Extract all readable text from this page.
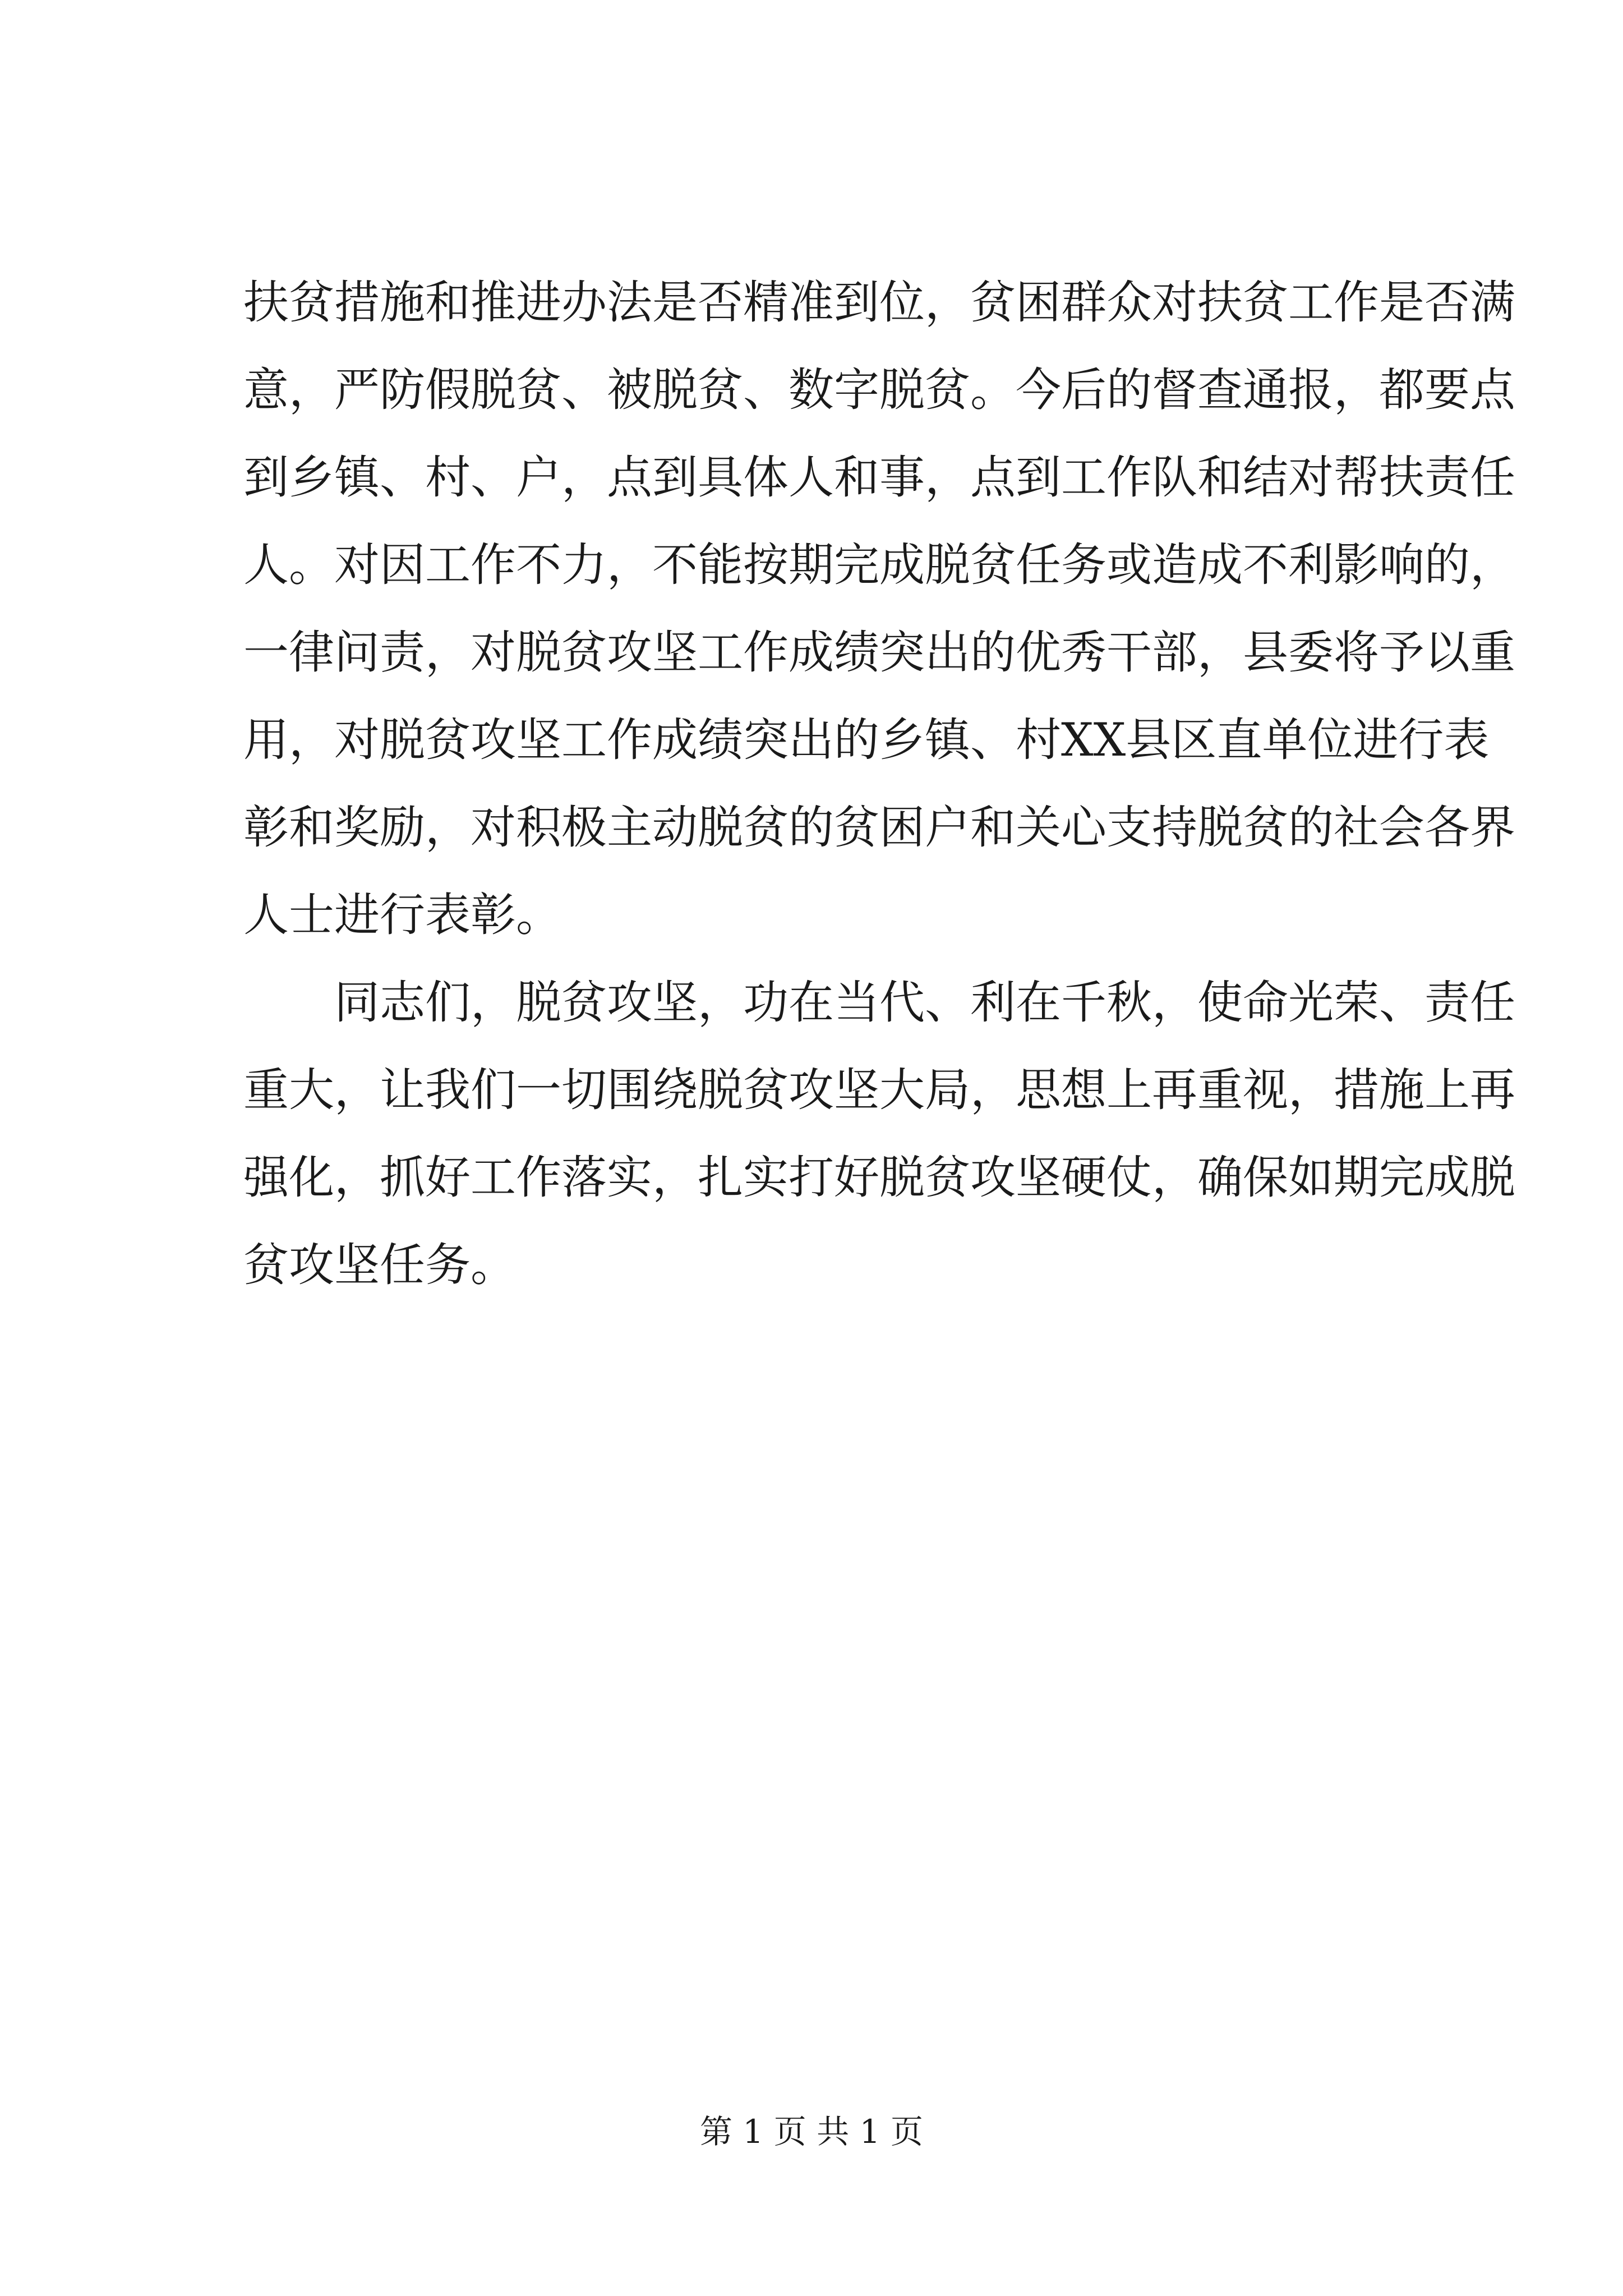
扶贫措施和推进办法是否精准到位，贫困群众对扶贫工作是否满
意，严防假脱贫、被脱贫、数字脱贫。今后的督查通报，都要点
到乡镇、村、户，点到具体人和事，点到工作队和结对帮扶责任
人。对因工作不力，不能按期完成脱贫任务或造成不利影响的，
一律问责，对脱贫攻坚工作成绩突出的优秀干部，县委将予以重
用，对脱贫攻坚工作成绩突出的乡镇、村XX县区直单位进行表
彰和奖励，对积极主动脱贫的贫困户和关心支持脱贫的社会各界
人士进行表彰。
同志们，脱贫攻坚，功在当代、利在千秋，使命光荣、责任
重大，让我们一切围绕脱贫攻坚大局，思想上再重视，措施上再
强化，抓好工作落实，扎实打好脱贫攻坚硬仗，确保如期完成脱
贫攻坚任务。
第 1 页 共 1 页
